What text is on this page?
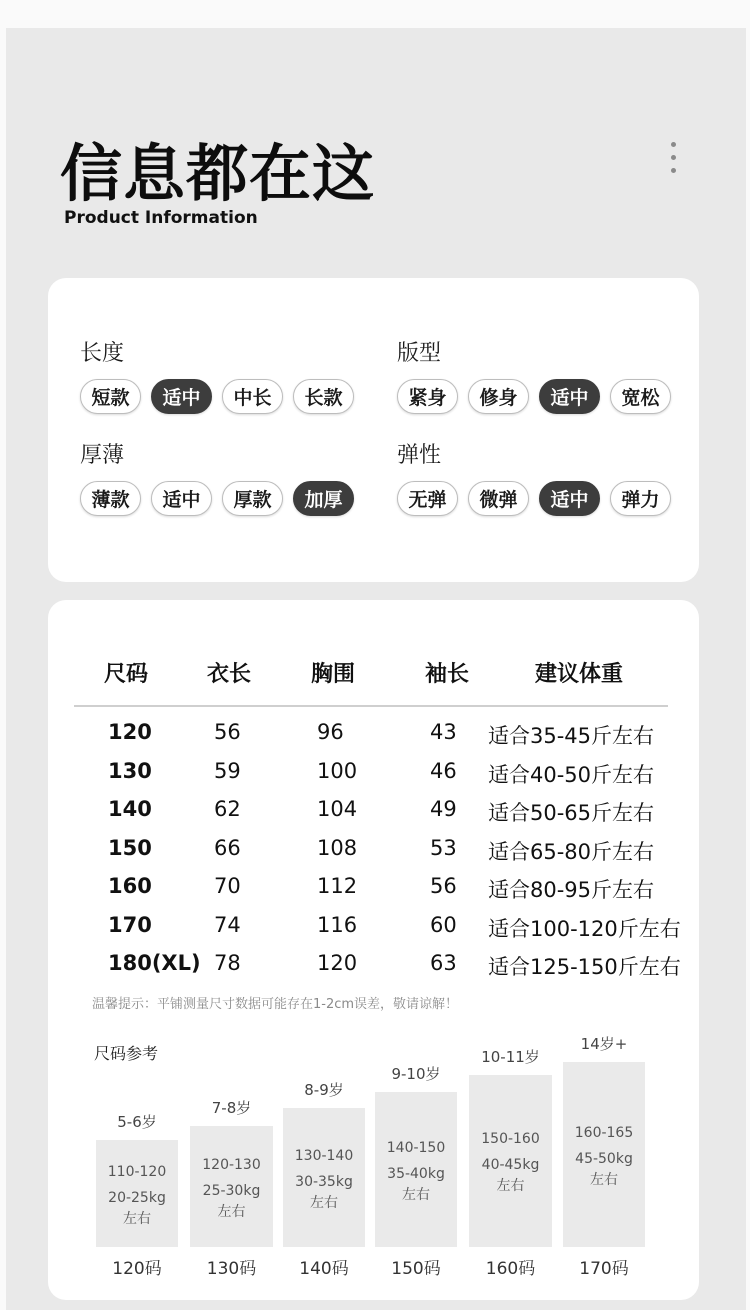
信息都在这
Product Information
长度
短款	适中	中长	长款
版型
紧身	修身	适中	宽松
厚薄
薄款	适中	厚款	加厚
弹性
无弹	微弹	适中	弹力
尺码	衣长	胸围	袖长	建议体重
120	56	96	43 适合35-45斤左右
130	59	100	46 适合40-50斤左右
140	62	104	49 适合50-65斤左右
150	66	108	53 适合65-80斤左右
160	70	112	56 适合80-95斤左右
170	74	116	60 适合100-120斤左右
180(XL) 78	120	63 适合125-150斤左右
温馨提示：平铺测量尺寸数据可能存在1-2cm误差，敬请谅解！
尺码参考
5-6岁
110-120
20-25kg
左右
120码
7-8岁
120-130
25-30kg
左右
130码
8-9岁
130-140
30-35kg
左右
140码
9-10岁
140-150
35-40kg
左右
150码
10-11岁
150-160
40-45kg
左右
160码
14岁+
160-165
45-50kg
左右
170码
